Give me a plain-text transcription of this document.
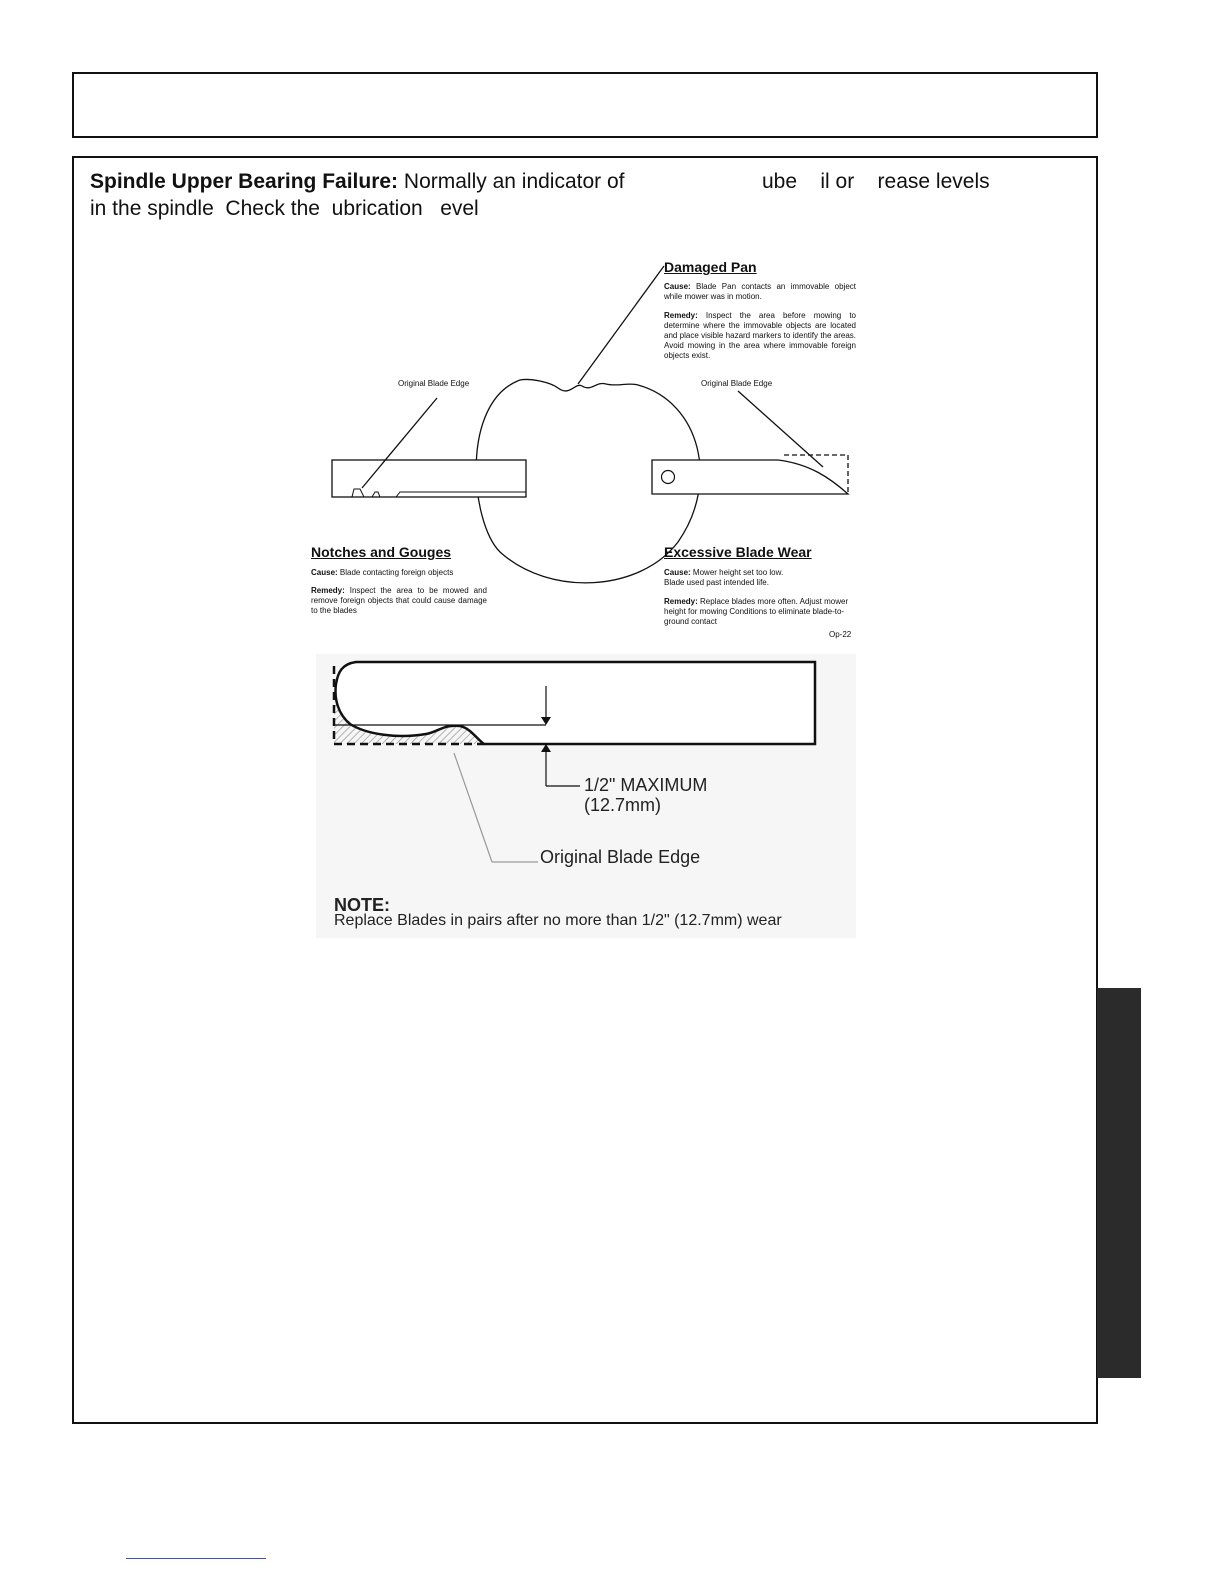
Spindle Upper Bearing Failure: Normally an indicator of	ube    il or    rease levels
in the spindle  Check the  ubrication   evel
Damaged Pan
Cause: Blade Pan contacts an immovable object while mower was in motion.
Remedy: Inspect the area before mowing to determine where the immovable objects are located and place visible hazard markers to identify the areas. Avoid mowing in the area where immovable foreign objects exist.
Original Blade Edge	Original Blade Edge
Notches and Gouges
Cause: Blade contacting foreign objects
Remedy: Inspect the area to be mowed and remove foreign objects that could cause damage to the blades
Excessive Blade Wear
Cause: Mower height set too low. Blade used past intended life.
Remedy: Replace blades more often. Adjust mower height for mowing Conditions to eliminate blade-to-ground contact
Op-22
1/2" MAXIMUM
(12.7mm)
Original Blade Edge
NOTE:
Replace Blades in pairs after no more than 1/2" (12.7mm) wear
